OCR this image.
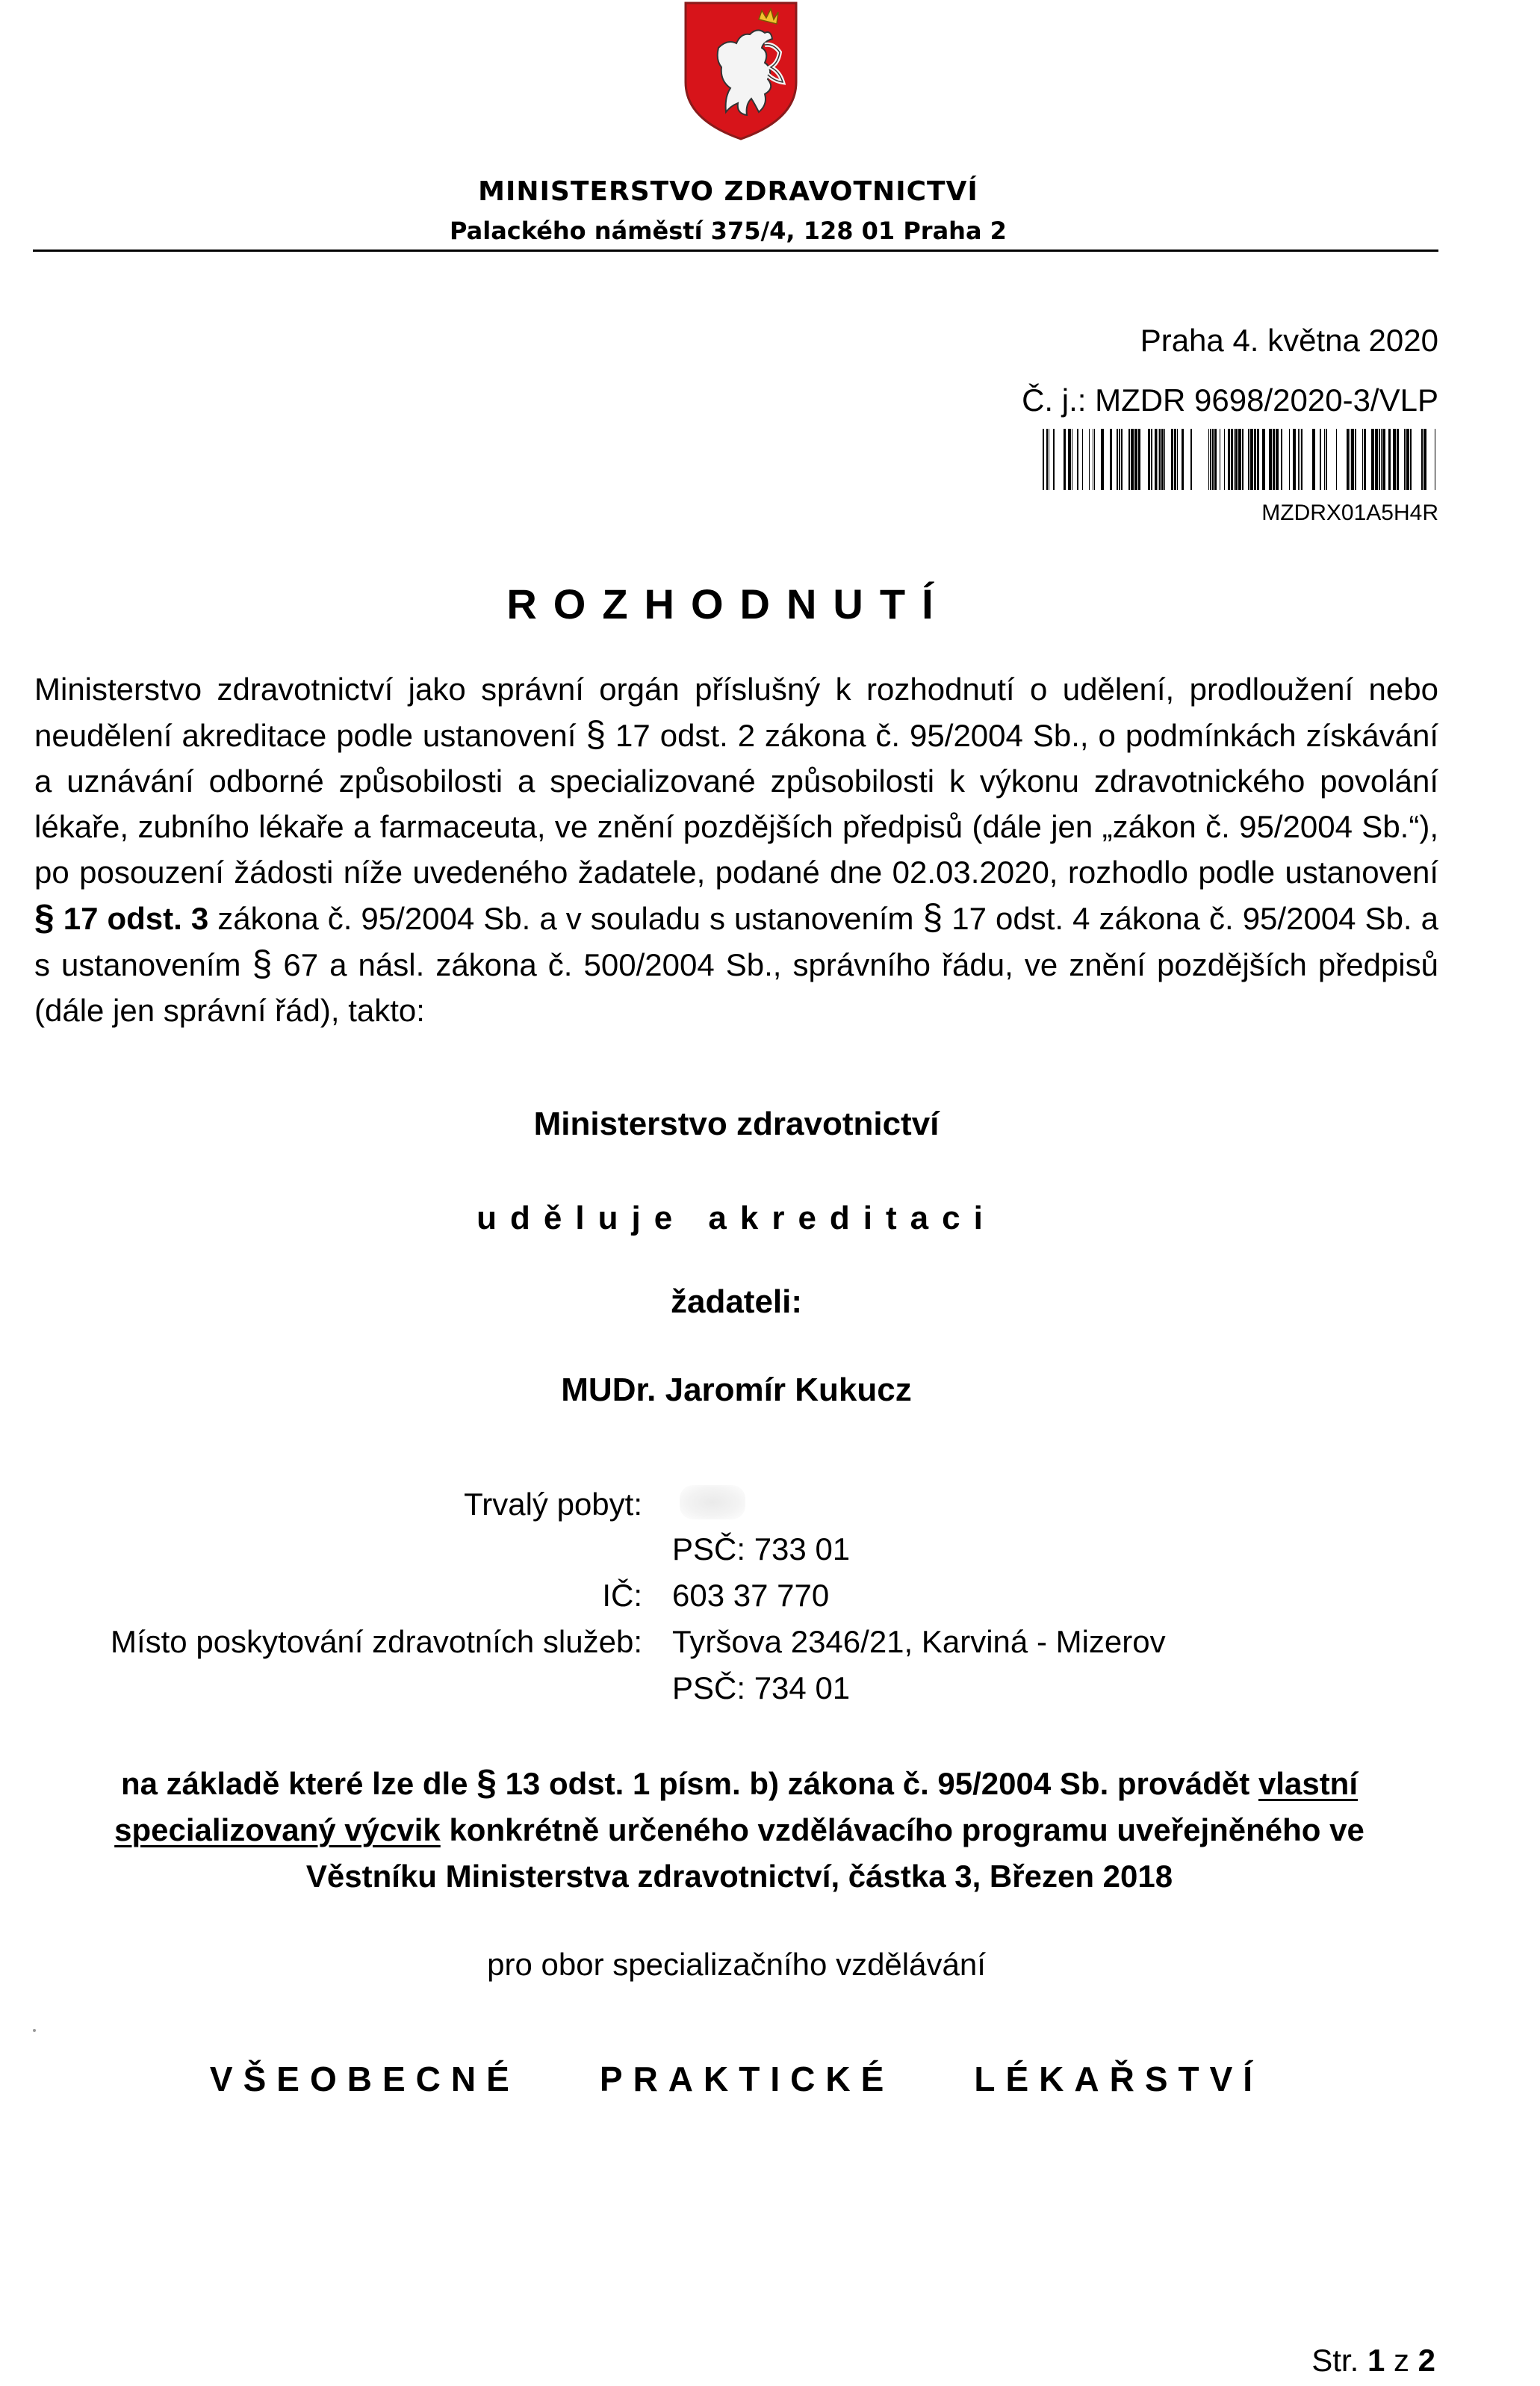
MINISTERSTVO ZDRAVOTNICTVÍ
Palackého náměstí 375/4, 128 01 Praha 2
Praha 4. května 2020
Č. j.: MZDR 9698/2020-3/VLP
MZDRX01A5H4R
ROZHODNUTÍ
Ministerstvo zdravotnictví jako správní orgán příslušný k rozhodnutí o udělení, prodloužení nebo neudělení akreditace podle ustanovení § 17 odst. 2 zákona č. 95/2004 Sb., o podmínkách získávání a uznávání odborné způsobilosti a specializované způsobilosti k výkonu zdravotnického povolání lékaře, zubního lékaře a farmaceuta, ve znění pozdějších předpisů (dále jen „zákon č. 95/2004 Sb.“), po posouzení žádosti níže uvedeného žadatele, podané dne 02.03.2020, rozhodlo podle ustanovení § 17 odst. 3 zákona č. 95/2004 Sb. a v souladu s ustanovením § 17 odst. 4 zákona č. 95/2004 Sb. a s ustanovením § 67 a násl. zákona č. 500/2004 Sb., správního řádu, ve znění pozdějších předpisů (dále jen správní řád), takto:
Ministerstvo zdravotnictví
uděluje akreditaci
žadateli:
MUDr. Jaromír Kukucz
Trvalý pobyt:
PSČ: 733 01
IČ: 603 37 770
Místo poskytování zdravotních služeb: Tyršova 2346/21, Karviná - Mizerov
PSČ: 734 01
na základě které lze dle § 13 odst. 1 písm. b) zákona č. 95/2004 Sb. provádět vlastní specializovaný výcvik konkrétně určeného vzdělávacího programu uveřejněného ve Věstníku Ministerstva zdravotnictví, částka 3, Březen 2018
pro obor specializačního vzdělávání
VŠEOBECNÉ PRAKTICKÉ LÉKAŘSTVÍ
Str. 1 z 2
